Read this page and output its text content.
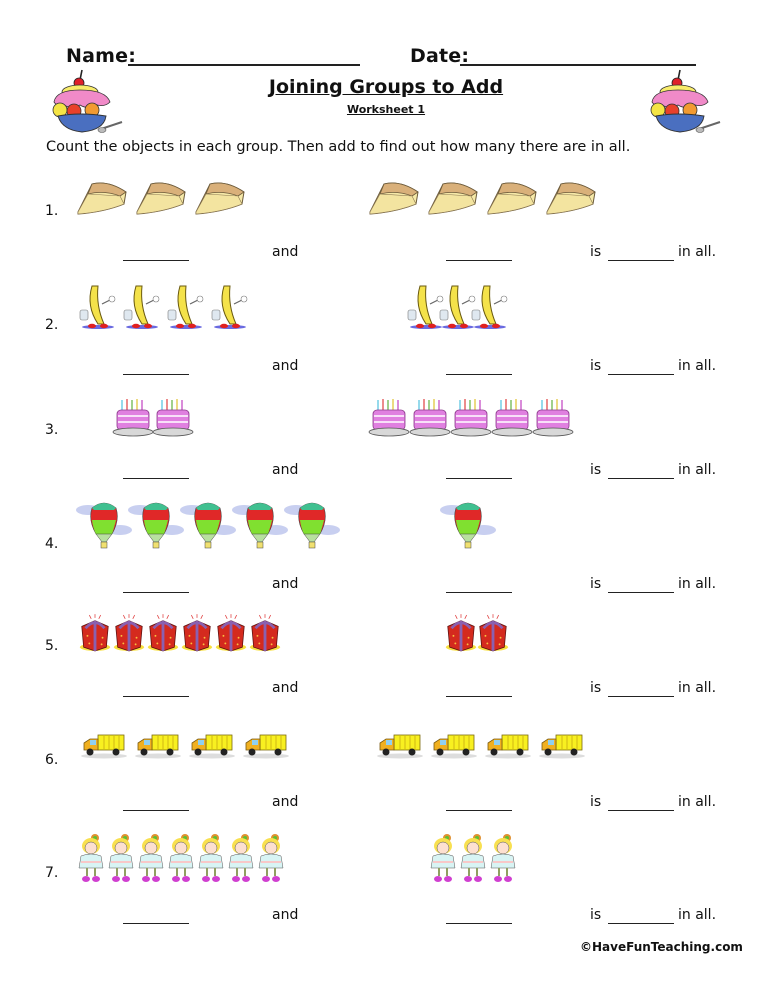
Name:	Date:
Joining Groups to Add
Worksheet 1
Count the objects in each group. Then add to find out how many there are in all.
1.
2.
3.
4.
5.
6.
7.
and	is	in all.
and	is	in all.
and	is	in all.
and	is	in all.
and	is	in all.
and	is	in all.
and	is	in all.
©HaveFunTeaching.com
